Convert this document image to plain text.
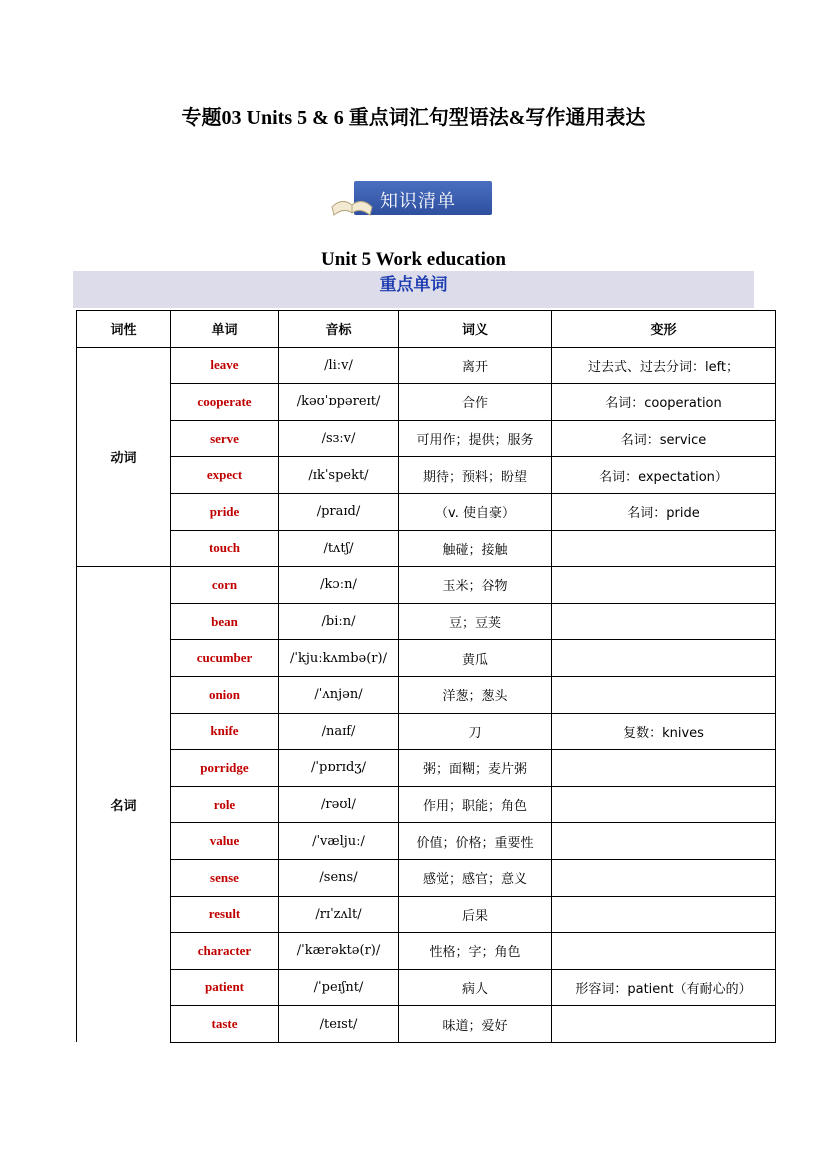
专题03 Units 5 & 6 重点词汇句型语法&写作通用表达
知识清单
Unit 5 Work education
重点单词
词性	单词	音标	词义	变形
动词	leave	/liːv/	离开	过去式、过去分词：left；
	cooperate	/kəʊˈɒpəreɪt/	合作	名词：cooperation
	serve	/sɜːv/	可用作；提供；服务	名词：service
	expect	/ɪkˈspekt/	期待；预料；盼望	名词：expectation）
	pride	/praɪd/	（v. 使自豪）	名词：pride
	touch	/tʌtʃ/	触碰；接触	
名词	corn	/kɔːn/	玉米；谷物	
	bean	/biːn/	豆；豆荚	
	cucumber	/ˈkjuːkʌmbə(r)/	黄瓜	
	onion	/ˈʌnjən/	洋葱；葱头	
	knife	/naɪf/	刀	复数：knives
	porridge	/ˈpɒrɪdʒ/	粥；面糊；麦片粥	
	role	/rəʊl/	作用；职能；角色	
	value	/ˈvæljuː/	价值；价格；重要性	
	sense	/sens/	感觉；感官；意义	
	result	/rɪˈzʌlt/	后果	
	character	/ˈkærəktə(r)/	性格；字；角色	
	patient	/ˈpeɪʃnt/	病人	形容词：patient（有耐心的）
	taste	/teɪst/	味道；爱好	
